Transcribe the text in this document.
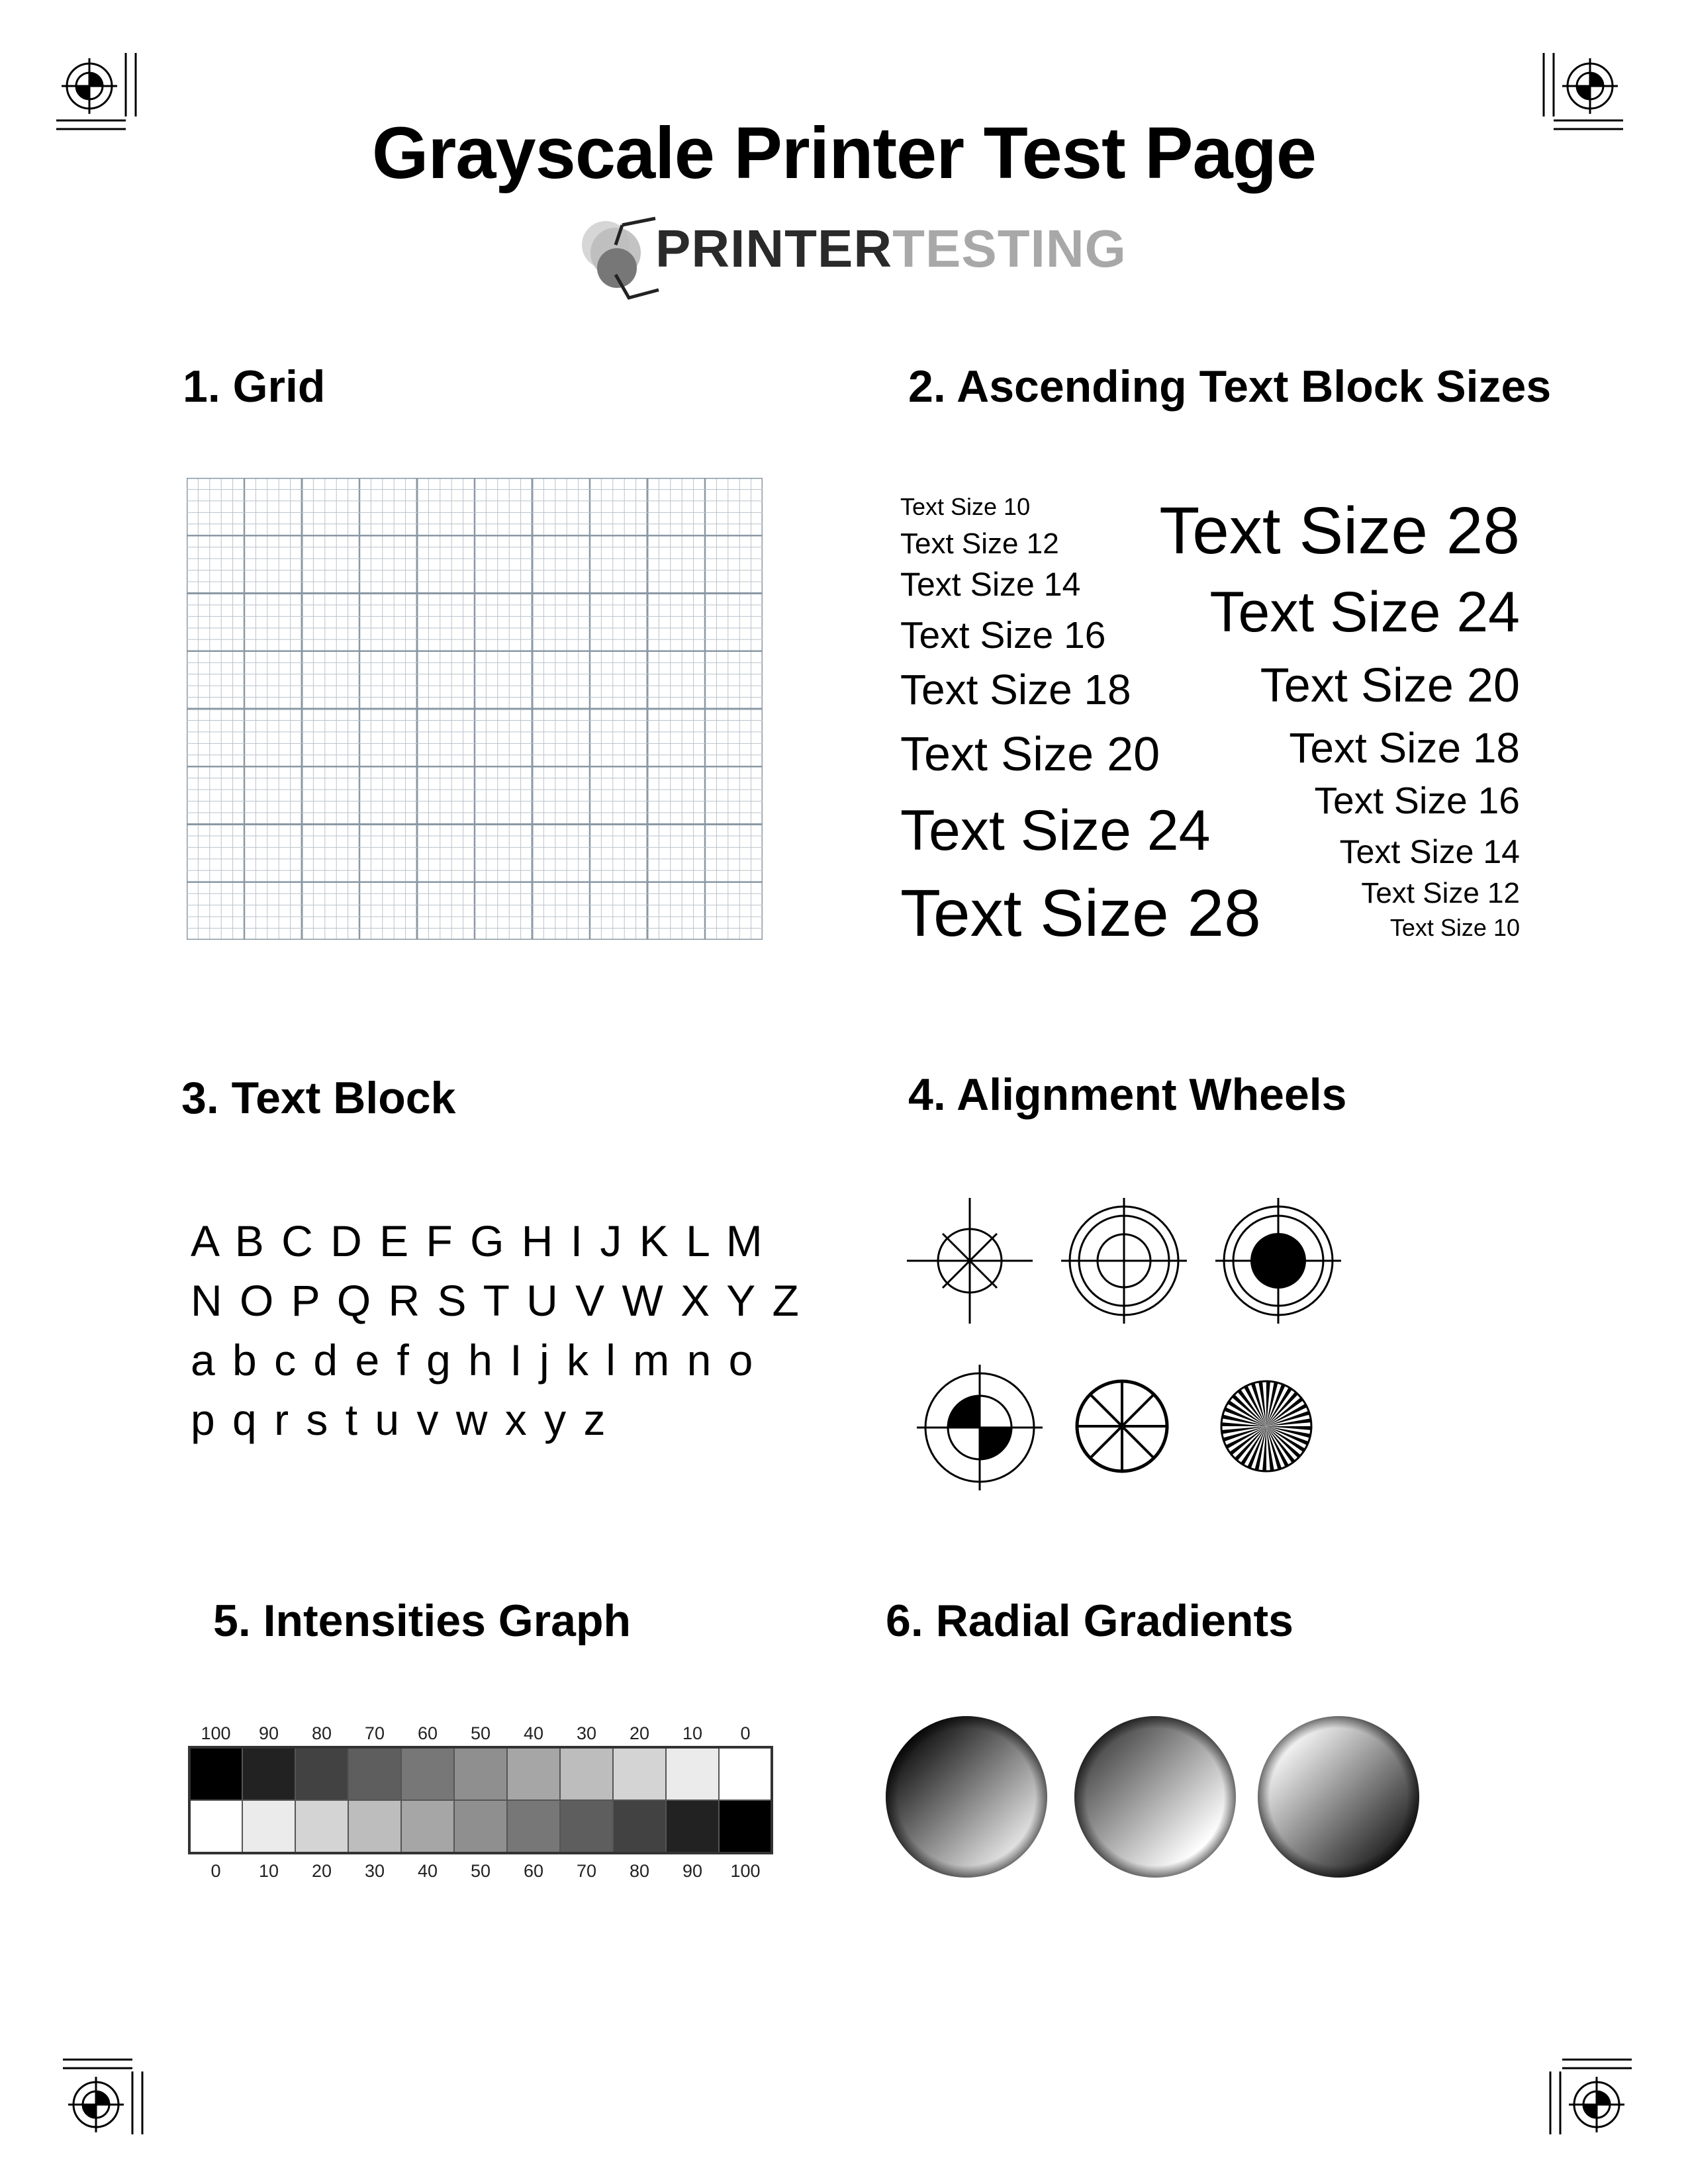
Grayscale Printer Test Page
PRINTERTESTING
1. Grid	2. Ascending Text Block Sizes
3. Text Block	4. Alignment Wheels
5. Intensities Graph	6. Radial Gradients
Text Size 10
Text Size 12
Text Size 14
Text Size 16
Text Size 18
Text Size 20
Text Size 24
Text Size 28
Text Size 28
Text Size 24
Text Size 20
Text Size 18
Text Size 16
Text Size 14
Text Size 12
Text Size 10
A B C D E F G H I J K L M
N O P Q R S T U V W X Y Z
a b c d e f g h I j k l m n o
p q r s t u v w x y z
100 90 80 70 60 50 40 30 20 10 0
0 10 20 30 40 50 60 70 80 90 100
